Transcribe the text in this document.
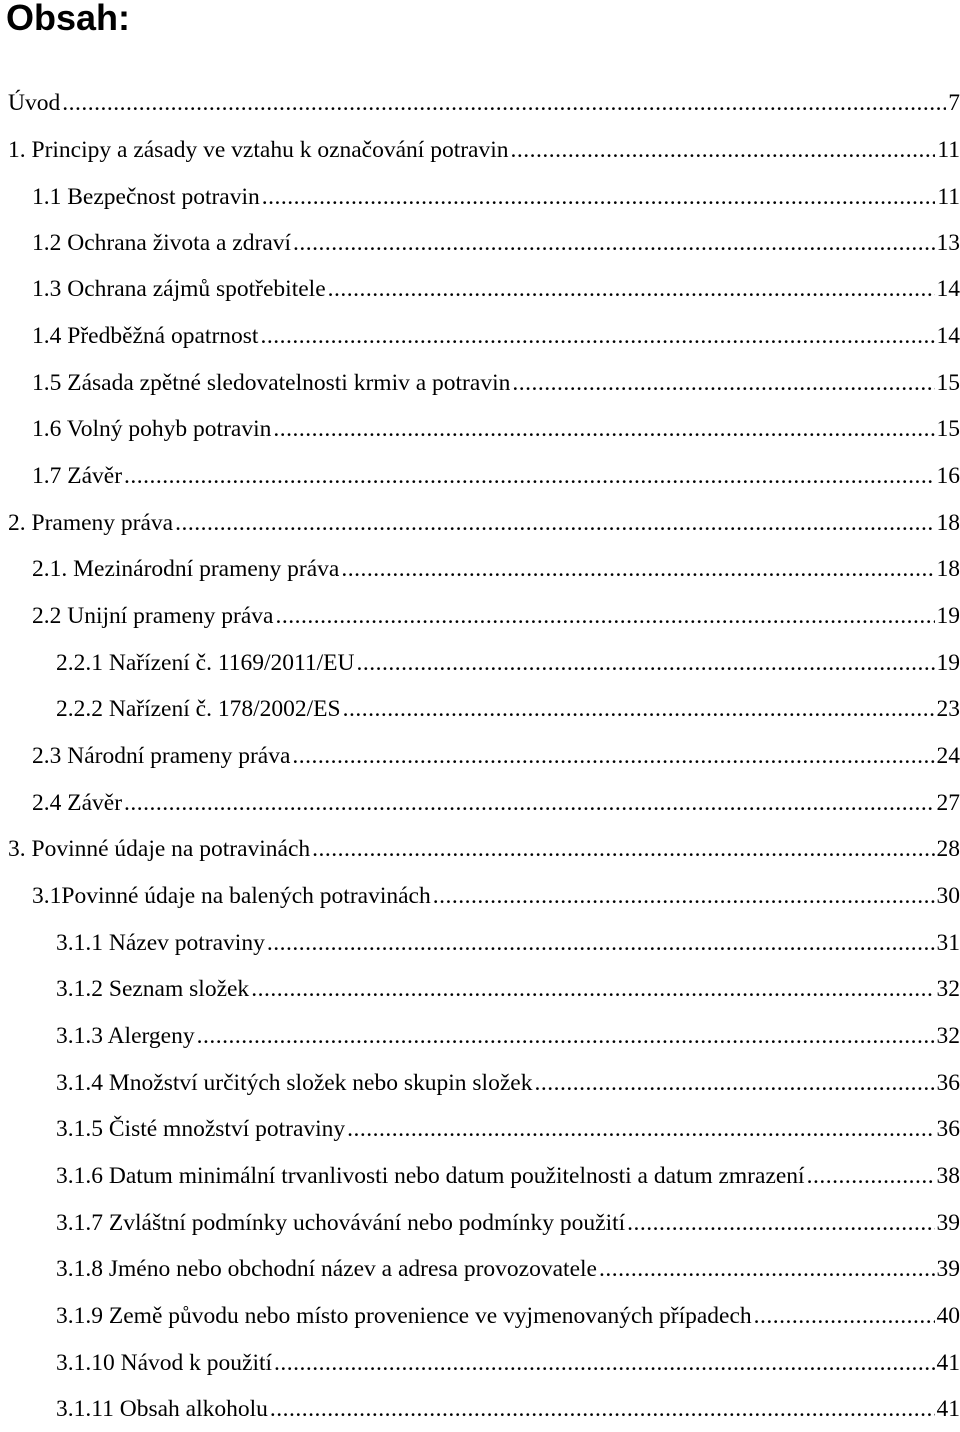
Obsah:
Úvod .....	7
1. Principy a zásady ve vztahu k označování potravin .....	11
1.1 Bezpečnost potravin .....	11
1.2 Ochrana života a zdraví .....	13
1.3 Ochrana zájmů spotřebitele .....	14
1.4 Předběžná opatrnost .....	14
1.5 Zásada zpětné sledovatelnosti krmiv a potravin .....	15
1.6 Volný pohyb potravin .....	15
1.7 Závěr .....	16
2. Prameny práva .....	18
2.1. Mezinárodní prameny práva .....	18
2.2 Unijní prameny práva .....	19
2.2.1 Nařízení č. 1169/2011/EU .....	19
2.2.2 Nařízení č. 178/2002/ES .....	23
2.3 Národní prameny práva .....	24
2.4 Závěr .....	27
3. Povinné údaje na potravinách .....	28
3.1Povinné údaje na balených potravinách .....	30
3.1.1 Název potraviny .....	31
3.1.2 Seznam složek .....	32
3.1.3 Alergeny .....	32
3.1.4 Množství určitých složek nebo skupin složek .....	36
3.1.5 Čisté množství potraviny .....	36
3.1.6 Datum minimální trvanlivosti nebo datum použitelnosti a datum zmrazení .....	38
3.1.7 Zvláštní podmínky uchovávání nebo podmínky použití .....	39
3.1.8 Jméno nebo obchodní název a adresa provozovatele .....	39
3.1.9 Země původu nebo místo provenience ve vyjmenovaných případech .....	40
3.1.10 Návod k použití .....	41
3.1.11 Obsah alkoholu .....	41
